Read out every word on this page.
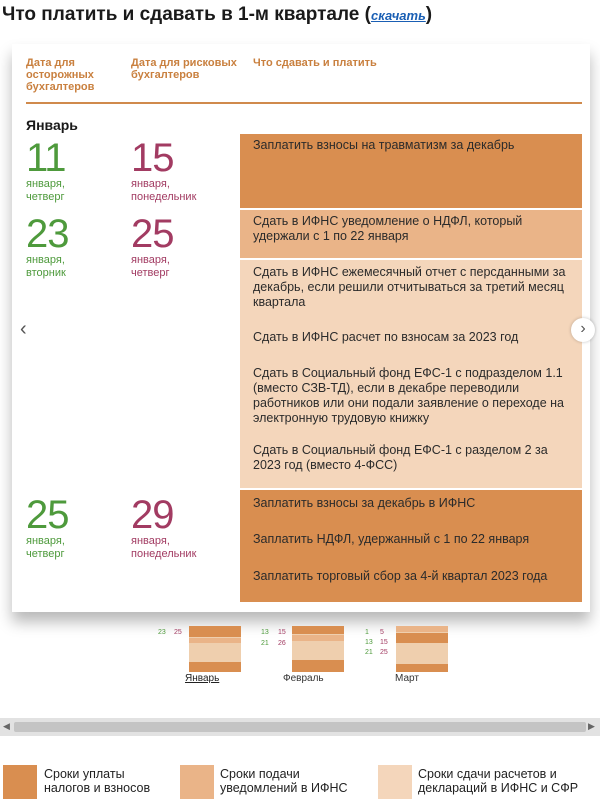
Что платить и сдавать в 1-м квартале (скачать)
Дата для осторожных бухгалтеров
Дата для рисковых бухгалтеров
Что сдавать и платить
Январь
11
января, четверг
15
января, понедельник
23
января, вторник
25
января, четверг
25
января, четверг
29
января, понедельник
Заплатить взносы на травматизм за декабрь
Сдать в ИФНС уведомление о НДФЛ, который удержали с 1 по 22 января
Сдать в ИФНС ежемесячный отчет с персданными за декабрь, если решили отчитываться за третий месяц квартала
Сдать в ИФНС расчет по взносам за 2023 год
Сдать в Социальный фонд ЕФС-1 с подразделом 1.1 (вместо СЗВ-ТД), если в декабре переводили работников или они подали заявление о переходе на электронную трудовую книжку
Сдать в Социальный фонд ЕФС-1 с разделом 2 за 2023 год (вместо 4-ФСС)
Заплатить взносы за декабрь в ИФНС
Заплатить НДФЛ, удержанный с 1 по 22 января
Заплатить торговый сбор за 4-й квартал 2023 года
‹	›
23 25
Январь
13 15
21 26
Февраль
1 5
13 15
21 25
Март
◀	▶
Сроки уплаты налогов и взносов
Сроки подачи уведомлений в ИФНС
Сроки сдачи расчетов и деклараций в ИФНС и СФР
